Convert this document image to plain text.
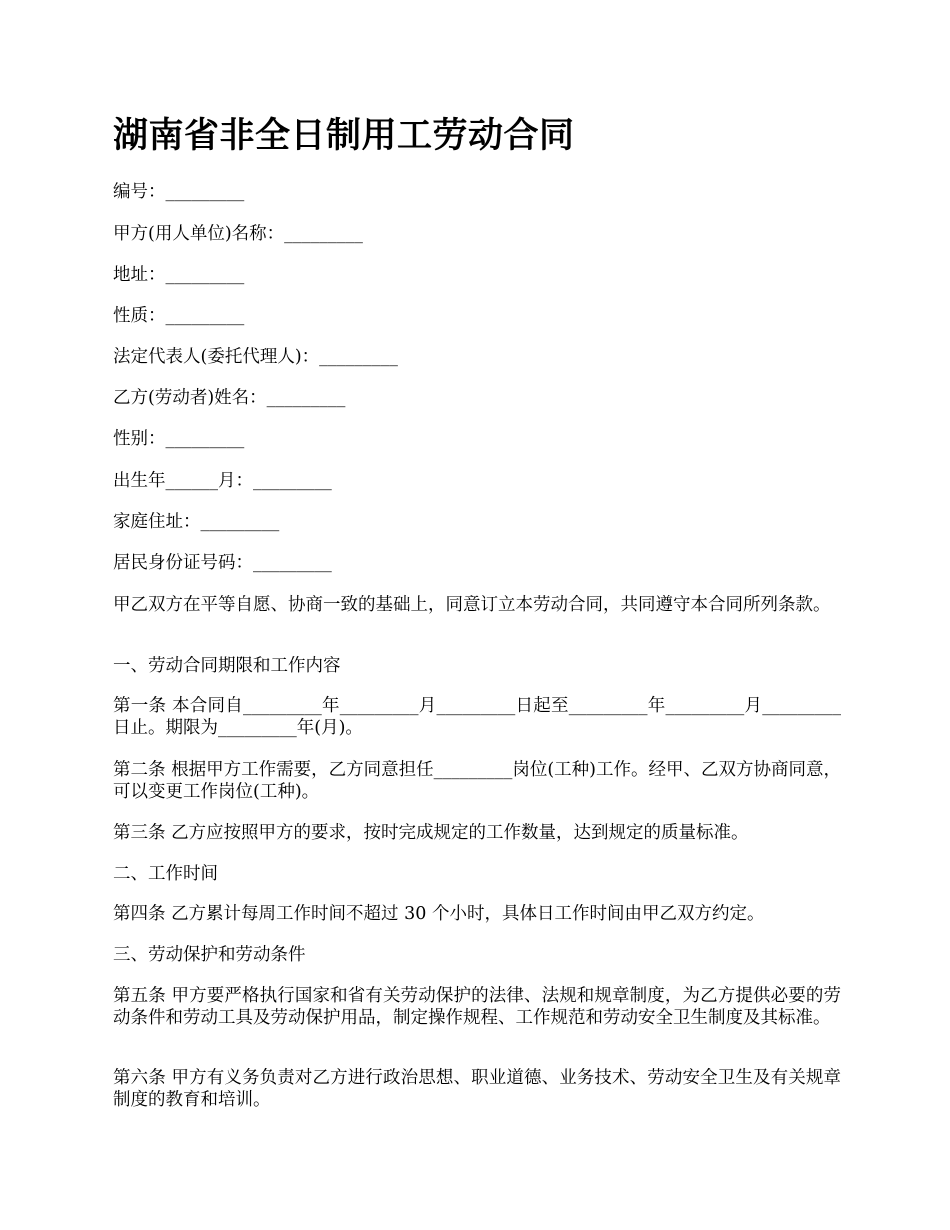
湖南省非全日制用工劳动合同

编号：_________

甲方(用人单位)名称：_________

地址：_________

性质：_________

法定代表人(委托代理人)：_________

乙方(劳动者)姓名：_________

性别：_________

出生年______月：_________

家庭住址：_________

居民身份证号码：_________

甲乙双方在平等自愿、协商一致的基础上，同意订立本劳动合同，共同遵守本合同所列条款。

一、劳动合同期限和工作内容

第一条 本合同自_________年_________月_________日起至_________年_________月_________日止。期限为_________年(月)。

第二条 根据甲方工作需要，乙方同意担任_________岗位(工种)工作。经甲、乙双方协商同意，可以变更工作岗位(工种)。

第三条 乙方应按照甲方的要求，按时完成规定的工作数量，达到规定的质量标准。

二、工作时间

第四条 乙方累计每周工作时间不超过 30 个小时，具体日工作时间由甲乙双方约定。

三、劳动保护和劳动条件

第五条 甲方要严格执行国家和省有关劳动保护的法律、法规和规章制度，为乙方提供必要的劳动条件和劳动工具及劳动保护用品，制定操作规程、工作规范和劳动安全卫生制度及其标准。

第六条 甲方有义务负责对乙方进行政治思想、职业道德、业务技术、劳动安全卫生及有关规章制度的教育和培训。
